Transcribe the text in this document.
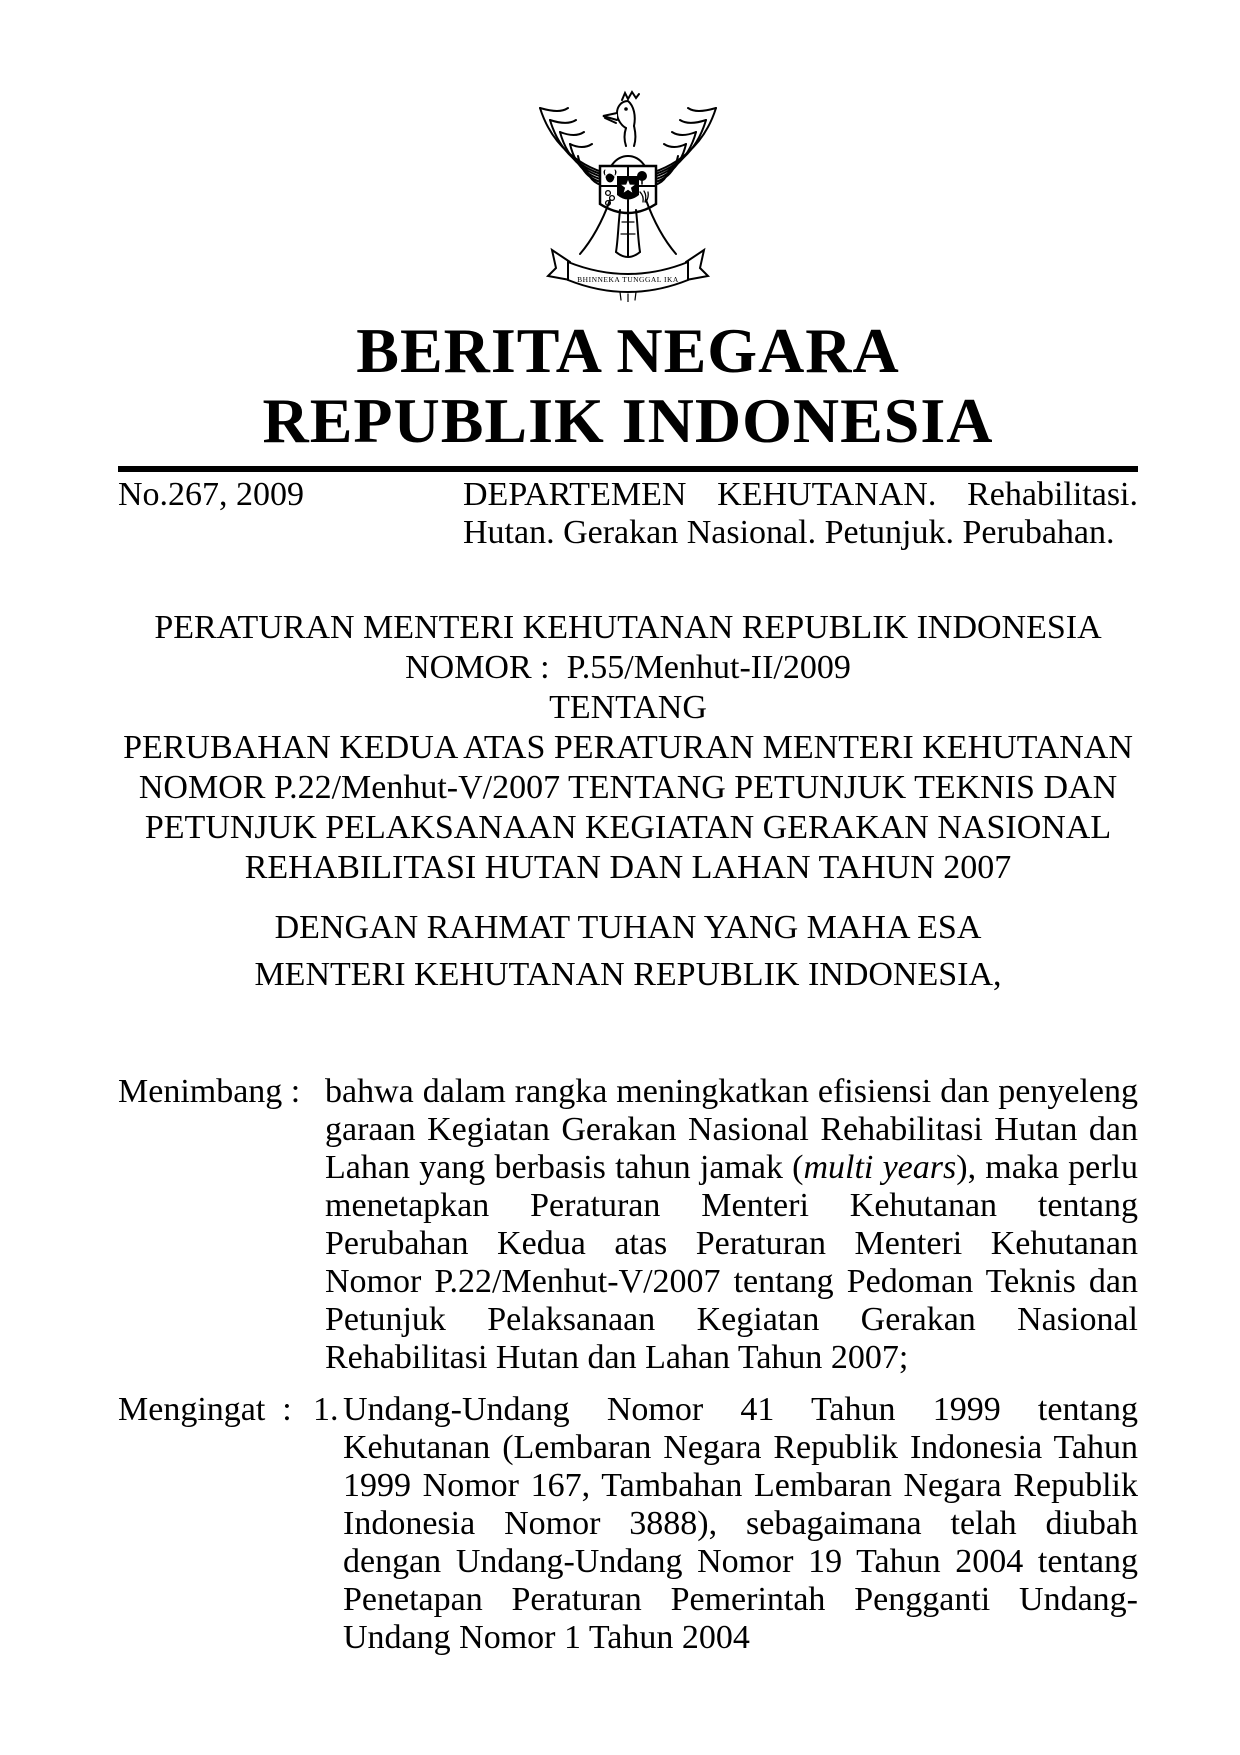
BHINNEKA TUNGGAL IKA
BERITA NEGARA
REPUBLIK INDONESIA
No.267, 2009	DEPARTEMEN KEHUTANAN. Rehabilitasi. Hutan. Gerakan Nasional. Petunjuk. Perubahan.
PERATURAN MENTERI KEHUTANAN REPUBLIK INDONESIA
NOMOR :  P.55/Menhut-II/2009
TENTANG
PERUBAHAN KEDUA ATAS PERATURAN MENTERI KEHUTANAN
NOMOR P.22/Menhut-V/2007 TENTANG PETUNJUK TEKNIS DAN
PETUNJUK PELAKSANAAN KEGIATAN GERAKAN NASIONAL
REHABILITASI HUTAN DAN LAHAN TAHUN 2007
DENGAN RAHMAT TUHAN YANG MAHA ESA
MENTERI KEHUTANAN REPUBLIK INDONESIA,
Menimbang : bahwa dalam rangka meningkatkan efisiensi dan penyeleng garaan Kegiatan Gerakan Nasional Rehabilitasi Hutan dan Lahan yang berbasis tahun jamak (multi years), maka perlu menetapkan Peraturan Menteri Kehutanan tentang Perubahan Kedua atas Peraturan Menteri Kehutanan Nomor P.22/Menhut-V/2007 tentang Pedoman Teknis dan Petunjuk Pelaksanaan Kegiatan Gerakan Nasional Rehabilitasi Hutan dan Lahan Tahun 2007;

Mengingat  : 1. Undang-Undang Nomor 41 Tahun 1999 tentang Kehutanan (Lembaran Negara Republik Indonesia Tahun 1999 Nomor 167, Tambahan Lembaran Negara Republik Indonesia Nomor 3888), sebagaimana telah diubah dengan Undang-Undang Nomor 19 Tahun 2004 tentang Penetapan Peraturan Pemerintah Pengganti Undang-Undang Nomor 1 Tahun 2004
